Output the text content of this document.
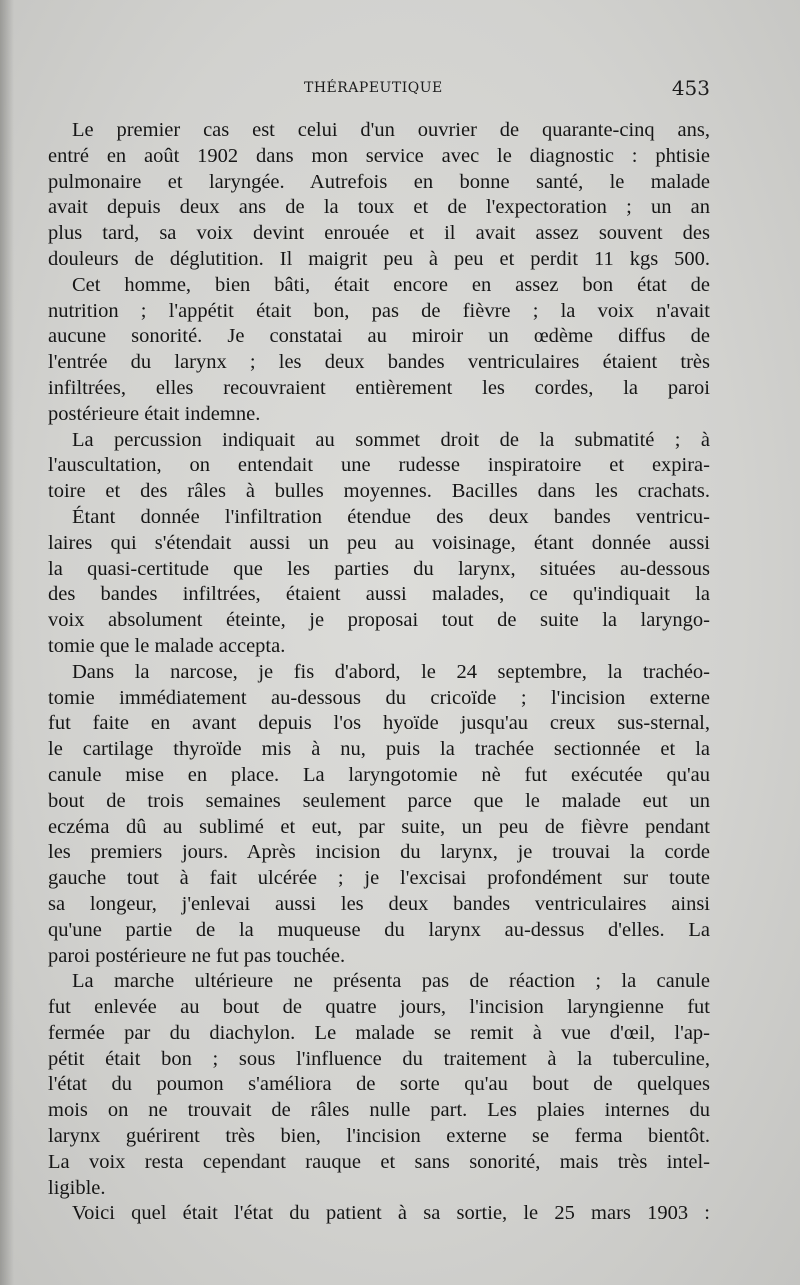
THÉRAPEUTIQUE	453
Le premier cas est celui d'un ouvrier de quarante-cinq ans,
entré en août 1902 dans mon service avec le diagnostic : phtisie
pulmonaire et laryngée. Autrefois en bonne santé, le malade
avait depuis deux ans de la toux et de l'expectoration ; un an
plus tard, sa voix devint enrouée et il avait assez souvent des
douleurs de déglutition. Il maigrit peu à peu et perdit 11 kgs 500.
Cet homme, bien bâti, était encore en assez bon état de
nutrition ; l'appétit était bon, pas de fièvre ; la voix n'avait
aucune sonorité. Je constatai au miroir un œdème diffus de
l'entrée du larynx ; les deux bandes ventriculaires étaient très
infiltrées, elles recouvraient entièrement les cordes, la paroi
postérieure était indemne.
La percussion indiquait au sommet droit de la submatité ; à
l'auscultation, on entendait une rudesse inspiratoire et expira-
toire et des râles à bulles moyennes. Bacilles dans les crachats.
Étant donnée l'infiltration étendue des deux bandes ventricu-
laires qui s'étendait aussi un peu au voisinage, étant donnée aussi
la quasi-certitude que les parties du larynx, situées au-dessous
des bandes infiltrées, étaient aussi malades, ce qu'indiquait la
voix absolument éteinte, je proposai tout de suite la laryngo-
tomie que le malade accepta.
Dans la narcose, je fis d'abord, le 24 septembre, la trachéo-
tomie immédiatement au-dessous du cricoïde ; l'incision externe
fut faite en avant depuis l'os hyoïde jusqu'au creux sus-sternal,
le cartilage thyroïde mis à nu, puis la trachée sectionnée et la
canule mise en place. La laryngotomie nè fut exécutée qu'au
bout de trois semaines seulement parce que le malade eut un
eczéma dû au sublimé et eut, par suite, un peu de fièvre pendant
les premiers jours. Après incision du larynx, je trouvai la corde
gauche tout à fait ulcérée ; je l'excisai profondément sur toute
sa longeur, j'enlevai aussi les deux bandes ventriculaires ainsi
qu'une partie de la muqueuse du larynx au-dessus d'elles. La
paroi postérieure ne fut pas touchée.
La marche ultérieure ne présenta pas de réaction ; la canule
fut enlevée au bout de quatre jours, l'incision laryngienne fut
fermée par du diachylon. Le malade se remit à vue d'œil, l'ap-
pétit était bon ; sous l'influence du traitement à la tuberculine,
l'état du poumon s'améliora de sorte qu'au bout de quelques
mois on ne trouvait de râles nulle part. Les plaies internes du
larynx guérirent très bien, l'incision externe se ferma bientôt.
La voix resta cependant rauque et sans sonorité, mais très intel-
ligible.
Voici quel était l'état du patient à sa sortie, le 25 mars 1903 :
